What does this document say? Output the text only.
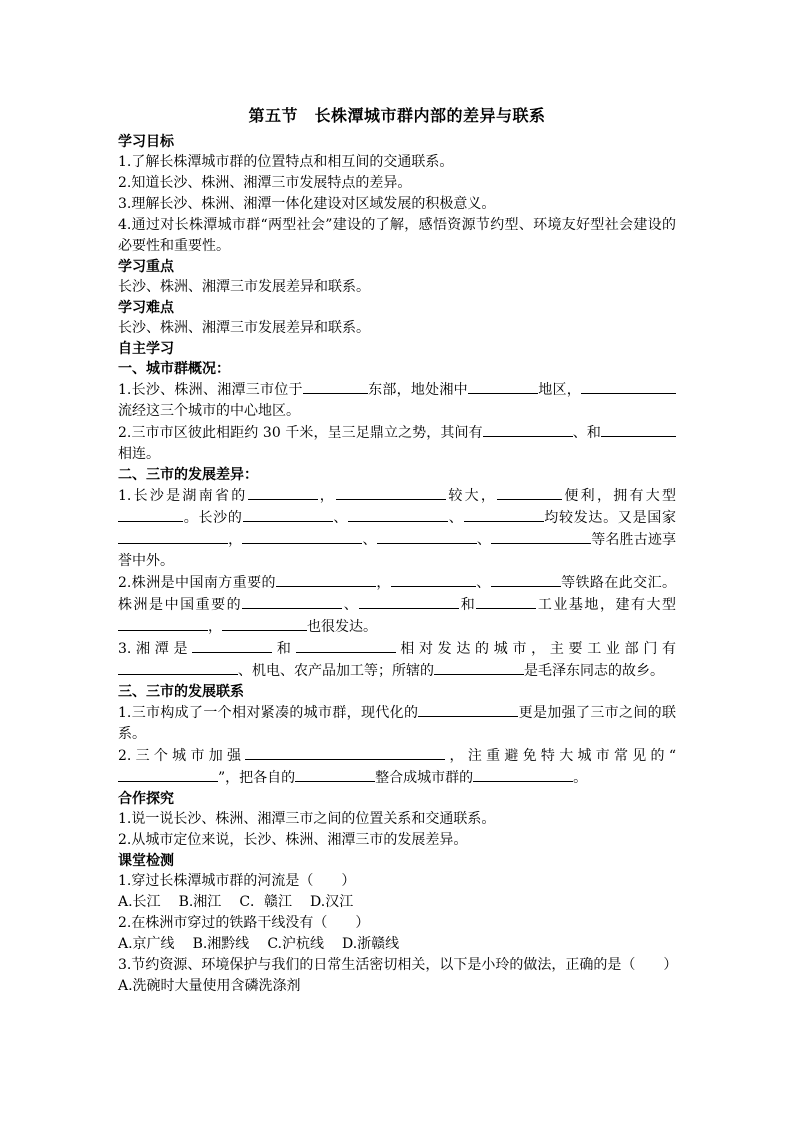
第五节　长株潭城市群内部的差异与联系

学习目标

1.了解长株潭城市群的位置特点和相互间的交通联系。

2.知道长沙、株洲、湘潭三市发展特点的差异。

3.理解长沙、株洲、湘潭一体化建设对区域发展的积极意义。

4.通过对长株潭城市群“两型社会”建设的了解，感悟资源节约型、环境友好型社会建设的必要性和重要性。

学习重点

长沙、株洲、湘潭三市发展差异和联系。

学习难点

长沙、株洲、湘潭三市发展差异和联系。

自主学习

一、城市群概况：

1.长沙、株洲、湘潭三市位于	东部，地处湘中	地区，流经这三个城市的中心地区。

2.三市市区彼此相距约 30 千米，呈三足鼎立之势，其间有	、和相连。

二、三市的发展差异：

1.长沙是湖南省的	，	较大，	便利，拥有大型。长沙的	、	、	均较发达。又是国家，	、	、	等名胜古迹享誉中外。

2.株洲是中国南方重要的	，	、	等铁路在此交汇。株洲是中国重要的	、	和	工业基地，建有大型，	也很发达。

3.湘潭是	和	相对发达的城市，主要工业部门有、机电、农产品加工等；所辖的	是毛泽东同志的故乡。

三、三市的发展联系

1.三市构成了一个相对紧凑的城市群，现代化的	更是加强了三市之间的联系。

2.三个城市加强	，注重避免特大城市常见的“”，把各自的	整合成城市群的	。

合作探究

1.说一说长沙、株洲、湘潭三市之间的位置关系和交通联系。

2.从城市定位来说，长沙、株洲、湘潭三市的发展差异。

课堂检测

1.穿过长株潭城市群的河流是（　　）

A.长江 B.湘江 C．赣江 D.汉江

2.在株洲市穿过的铁路干线没有（　　）

A.京广线 B.湘黔线 C.沪杭线 D.浙赣线

3.节约资源、环境保护与我们的日常生活密切相关，以下是小玲的做法，正确的是（　　）

A.洗碗时大量使用含磷洗涤剂
